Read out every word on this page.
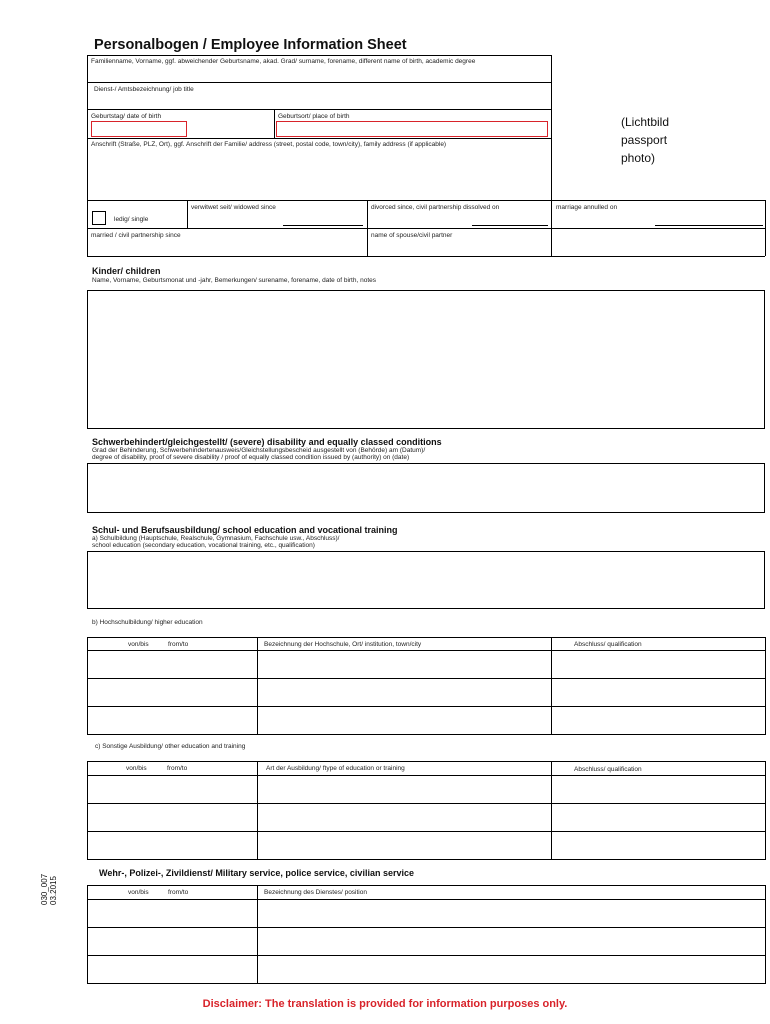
Personalbogen / Employee Information Sheet
Familienname, Vorname, ggf. abweichender Geburtsname, akad. Grad/ surname, forename, different name of birth, academic degree
Dienst-/ Amtsbezeichnung/ job title
Geburtstag/ date of birth	Geburtsort/ place of birth
Anschrift (Straße, PLZ, Ort), ggf. Anschrift der Familie/ address (street, postal code, town/city), family address (if applicable)
(Lichtbild
passport
photo)
verwitwet seit/ widowed since	divorced since, civil partnership dissolved on	marriage annulled on
ledig/ single
married / civil partnership since	name of spouse/civil partner
Kinder/ children
Name, Vorname, Geburtsmonat und -jahr, Bemerkungen/ surename, forename, date of birth, notes
Schwerbehindert/gleichgestellt/ (severe) disability and equally classed conditions
Grad der Behinderung, Schwerbehindertenausweis/Gleichstellungsbescheid ausgestellt von (Behörde) am (Datum)/
degree of disability, proof of severe disability / proof of equally classed condition issued by (authority) on (date)
Schul- und Berufsausbildung/ school education and vocational training
a) Schulbildung (Hauptschule, Realschule, Gymnasium, Fachschule usw., Abschluss)/
school education (secondary education, vocational training, etc., qualification)
b) Hochschulbildung/ higher education
von/bis	from/to	Bezeichnung der Hochschule, Ort/ institution, town/city	Abschluss/ qualification
c) Sonstige Ausbildung/ other education and training
von/bis	from/to	Art der Ausbildung/ ftype of education or training	Abschluss/ qualification
Wehr-, Polizei-, Zivildienst/ Military service, police service, civilian service
von/bis	from/to	Bezeichnung des Dienstes/ position
030_007
03.2015
Disclaimer: The translation is provided for information purposes only.
